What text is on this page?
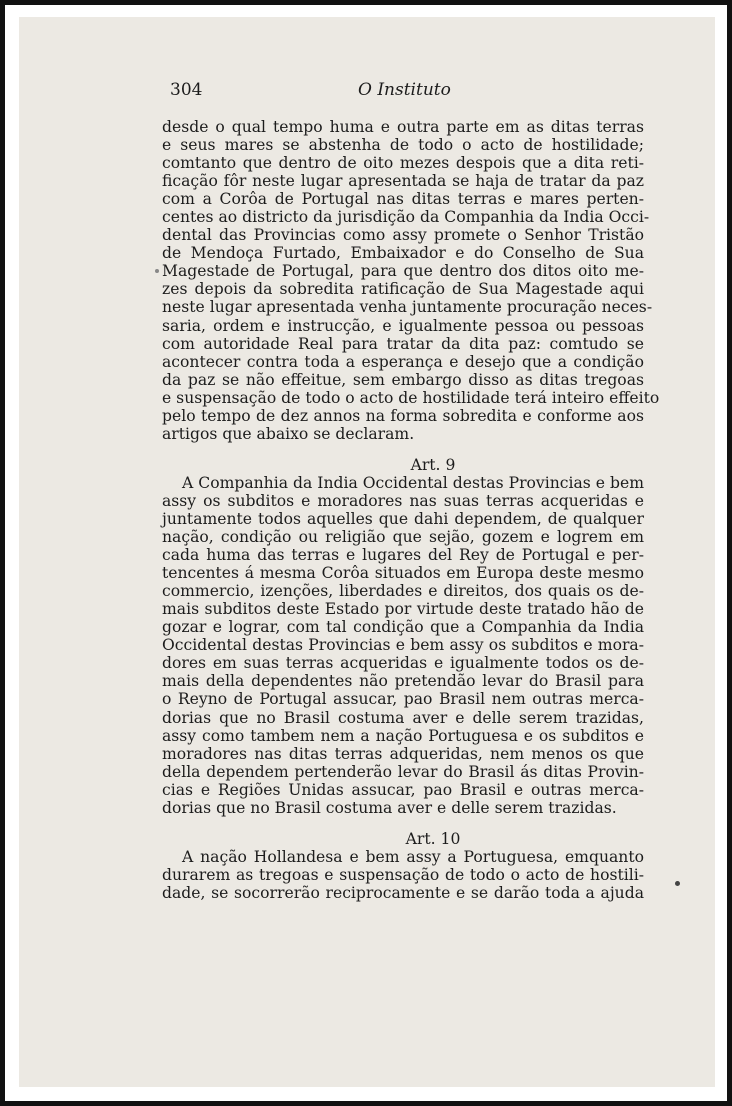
304	O Instituto
desde o qual tempo huma e outra parte em as ditas terras
e seus mares se abstenha de todo o acto de hostilidade;
comtanto que dentro de oito mezes despois que a dita reti-
ficação fôr neste lugar apresentada se haja de tratar da paz
com a Corôa de Portugal nas ditas terras e mares perten-
centes ao districto da jurisdição da Companhia da India Occi-
dental das Provincias como assy promete o Senhor Tristão
de Mendoça Furtado, Embaixador e do Conselho de Sua
Magestade de Portugal, para que dentro dos ditos oito me-
zes depois da sobredita ratificação de Sua Magestade aqui
neste lugar apresentada venha juntamente procuração neces-
saria, ordem e instrucção, e igualmente pessoa ou pessoas
com autoridade Real para tratar da dita paz: comtudo se
acontecer contra toda a esperança e desejo que a condição
da paz se não effeitue, sem embargo disso as ditas tregoas
e suspensação de todo o acto de hostilidade terá inteiro effeito
pelo tempo de dez annos na forma sobredita e conforme aos
artigos que abaixo se declaram.
Art. 9
A Companhia da India Occidental destas Provincias e bem
assy os subditos e moradores nas suas terras acqueridas e
juntamente todos aquelles que dahi dependem, de qualquer
nação, condição ou religião que sejão, gozem e logrem em
cada huma das terras e lugares del Rey de Portugal e per-
tencentes á mesma Corôa situados em Europa deste mesmo
commercio, izenções, liberdades e direitos, dos quais os de-
mais subditos deste Estado por virtude deste tratado hão de
gozar e lograr, com tal condição que a Companhia da India
Occidental destas Provincias e bem assy os subditos e mora-
dores em suas terras acqueridas e igualmente todos os de-
mais della dependentes não pretendão levar do Brasil para
o Reyno de Portugal assucar, pao Brasil nem outras merca-
dorias que no Brasil costuma aver e delle serem trazidas,
assy como tambem nem a nação Portuguesa e os subditos e
moradores nas ditas terras adqueridas, nem menos os que
della dependem pertenderão levar do Brasil ás ditas Provin-
cias e Regiões Unidas assucar, pao Brasil e outras merca-
dorias que no Brasil costuma aver e delle serem trazidas.
Art. 10
A nação Hollandesa e bem assy a Portuguesa, emquanto
durarem as tregoas e suspensação de todo o acto de hostili-
dade, se socorrerão reciprocamente e se darão toda a ajuda
